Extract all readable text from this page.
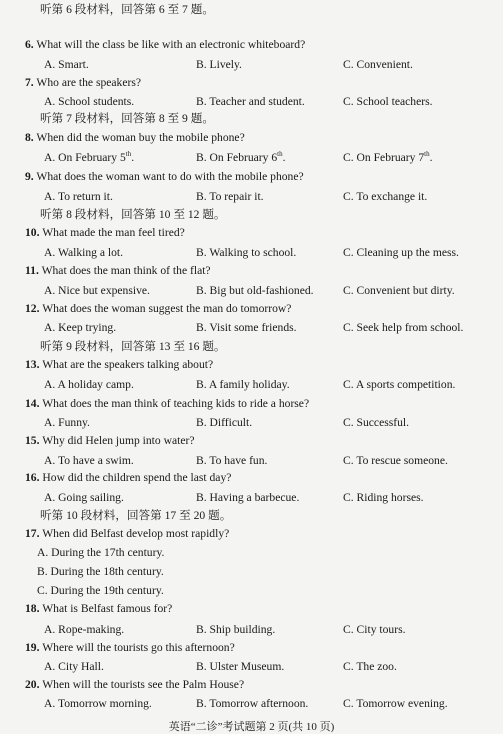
听第 6 段材料，回答第 6 至 7 题。
6. What will the class be like with an electronic whiteboard?
A. Smart.	B. Lively.	C. Convenient.
7. Who are the speakers?
A. School students.	B. Teacher and student.	C. School teachers.
听第 7 段材料，回答第 8 至 9 题。
8. When did the woman buy the mobile phone?
A. On February 5th.	B. On February 6th.	C. On February 7th.
9. What does the woman want to do with the mobile phone?
A. To return it.	B. To repair it.	C. To exchange it.
听第 8 段材料，回答第 10 至 12 题。
10. What made the man feel tired?
A. Walking a lot.	B. Walking to school.	C. Cleaning up the mess.
11. What does the man think of the flat?
A. Nice but expensive.	B. Big but old-fashioned.	C. Convenient but dirty.
12. What does the woman suggest the man do tomorrow?
A. Keep trying.	B. Visit some friends.	C. Seek help from school.
听第 9 段材料，回答第 13 至 16 题。
13. What are the speakers talking about?
A. A holiday camp.	B. A family holiday.	C. A sports competition.
14. What does the man think of teaching kids to ride a horse?
A. Funny.	B. Difficult.	C. Successful.
15. Why did Helen jump into water?
A. To have a swim.	B. To have fun.	C. To rescue someone.
16. How did the children spend the last day?
A. Going sailing.	B. Having a barbecue.	C. Riding horses.
听第 10 段材料，回答第 17 至 20 题。
17. When did Belfast develop most rapidly?
A. During the 17th century.
B. During the 18th century.
C. During the 19th century.
18. What is Belfast famous for?
A. Rope-making.	B. Ship building.	C. City tours.
19. Where will the tourists go this afternoon?
A. City Hall.	B. Ulster Museum.	C. The zoo.
20. When will the tourists see the Palm House?
A. Tomorrow morning.	B. Tomorrow afternoon.	C. Tomorrow evening.
英语“二诊”考试题第 2 页(共 10 页)
